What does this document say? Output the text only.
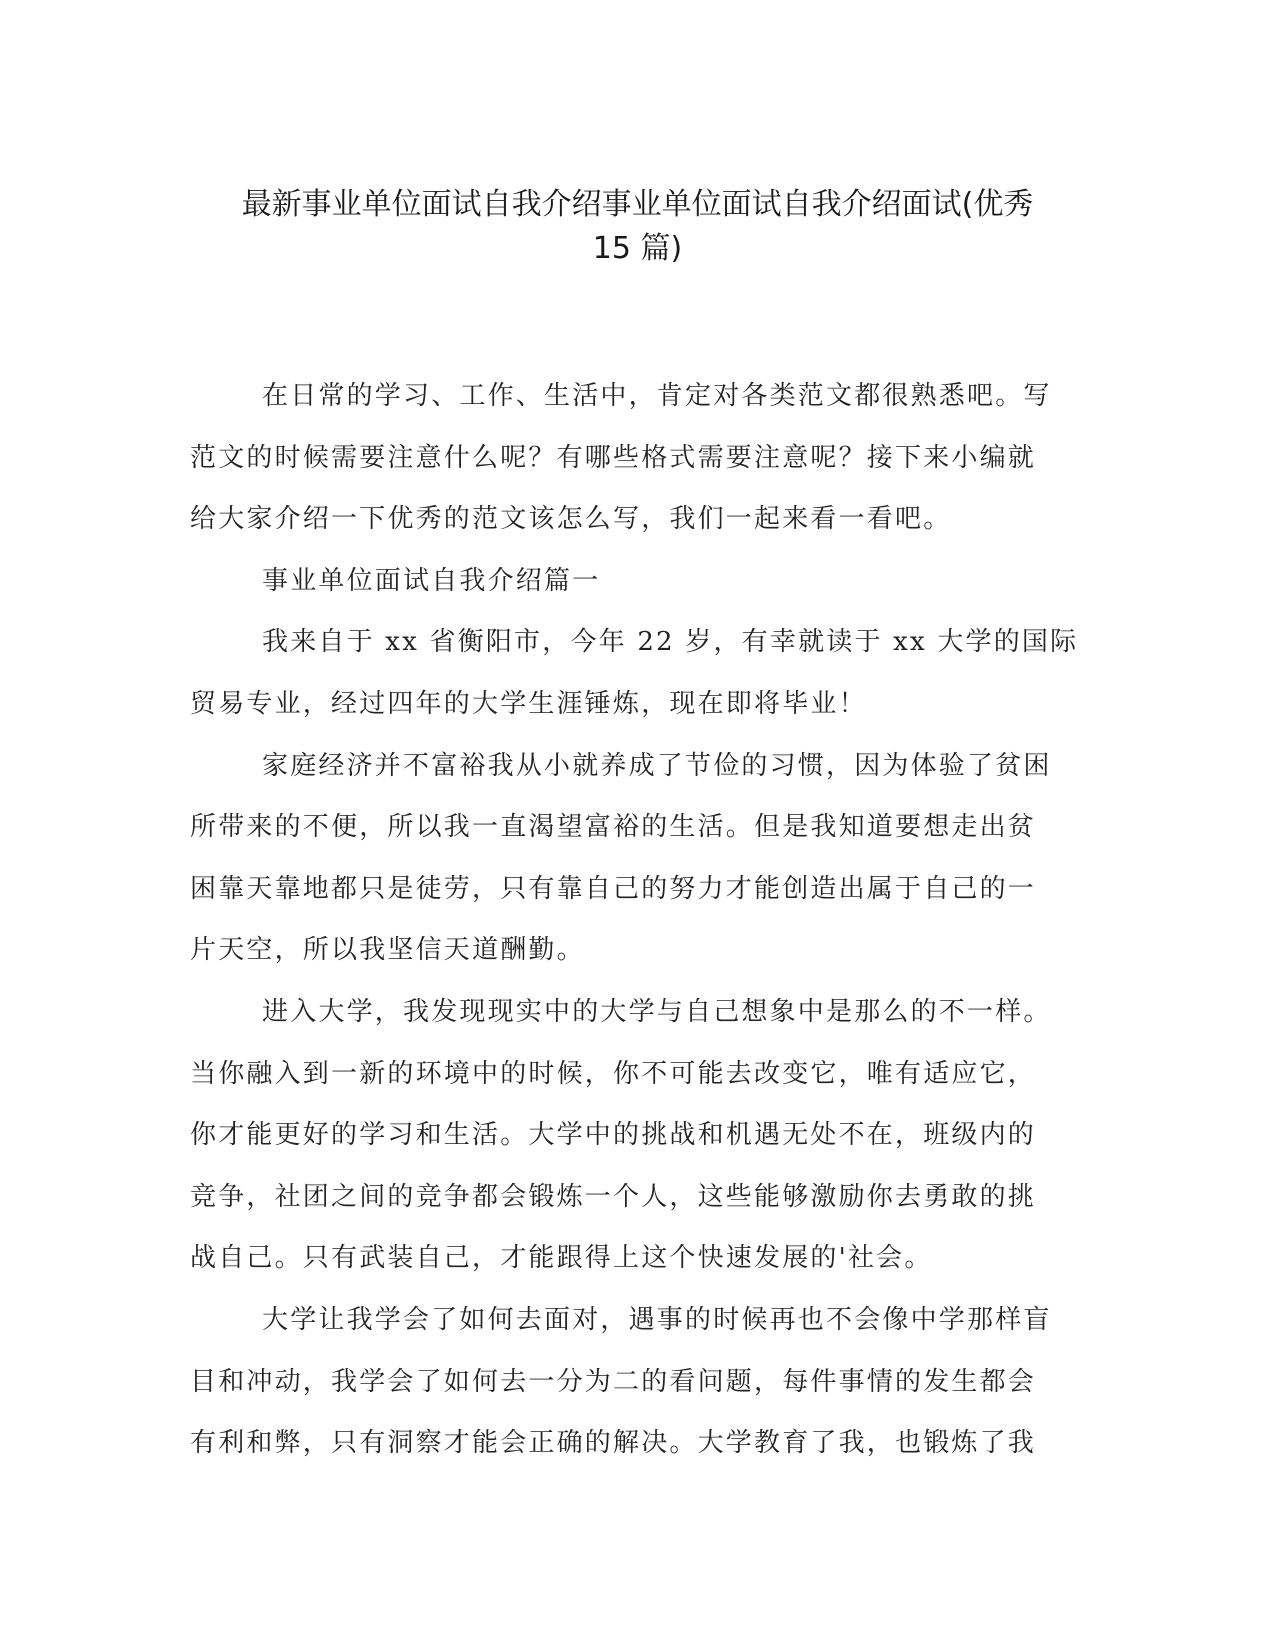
最新事业单位面试自我介绍事业单位面试自我介绍面试(优秀
15 篇)
在日常的学习、工作、生活中，肯定对各类范文都很熟悉吧。写
范文的时候需要注意什么呢？有哪些格式需要注意呢？接下来小编就
给大家介绍一下优秀的范文该怎么写，我们一起来看一看吧。
事业单位面试自我介绍篇一
我来自于 xx 省衡阳市，今年 22 岁，有幸就读于 xx 大学的国际
贸易专业，经过四年的大学生涯锤炼，现在即将毕业！
家庭经济并不富裕我从小就养成了节俭的习惯，因为体验了贫困
所带来的不便，所以我一直渴望富裕的生活。但是我知道要想走出贫
困靠天靠地都只是徒劳，只有靠自己的努力才能创造出属于自己的一
片天空，所以我坚信天道酬勤。
进入大学，我发现现实中的大学与自己想象中是那么的不一样。
当你融入到一新的环境中的时候，你不可能去改变它，唯有适应它，
你才能更好的学习和生活。大学中的挑战和机遇无处不在，班级内的
竞争，社团之间的竞争都会锻炼一个人，这些能够激励你去勇敢的挑
战自己。只有武装自己，才能跟得上这个快速发展的'社会。
大学让我学会了如何去面对，遇事的时候再也不会像中学那样盲
目和冲动，我学会了如何去一分为二的看问题，每件事情的发生都会
有利和弊，只有洞察才能会正确的解决。大学教育了我，也锻炼了我
